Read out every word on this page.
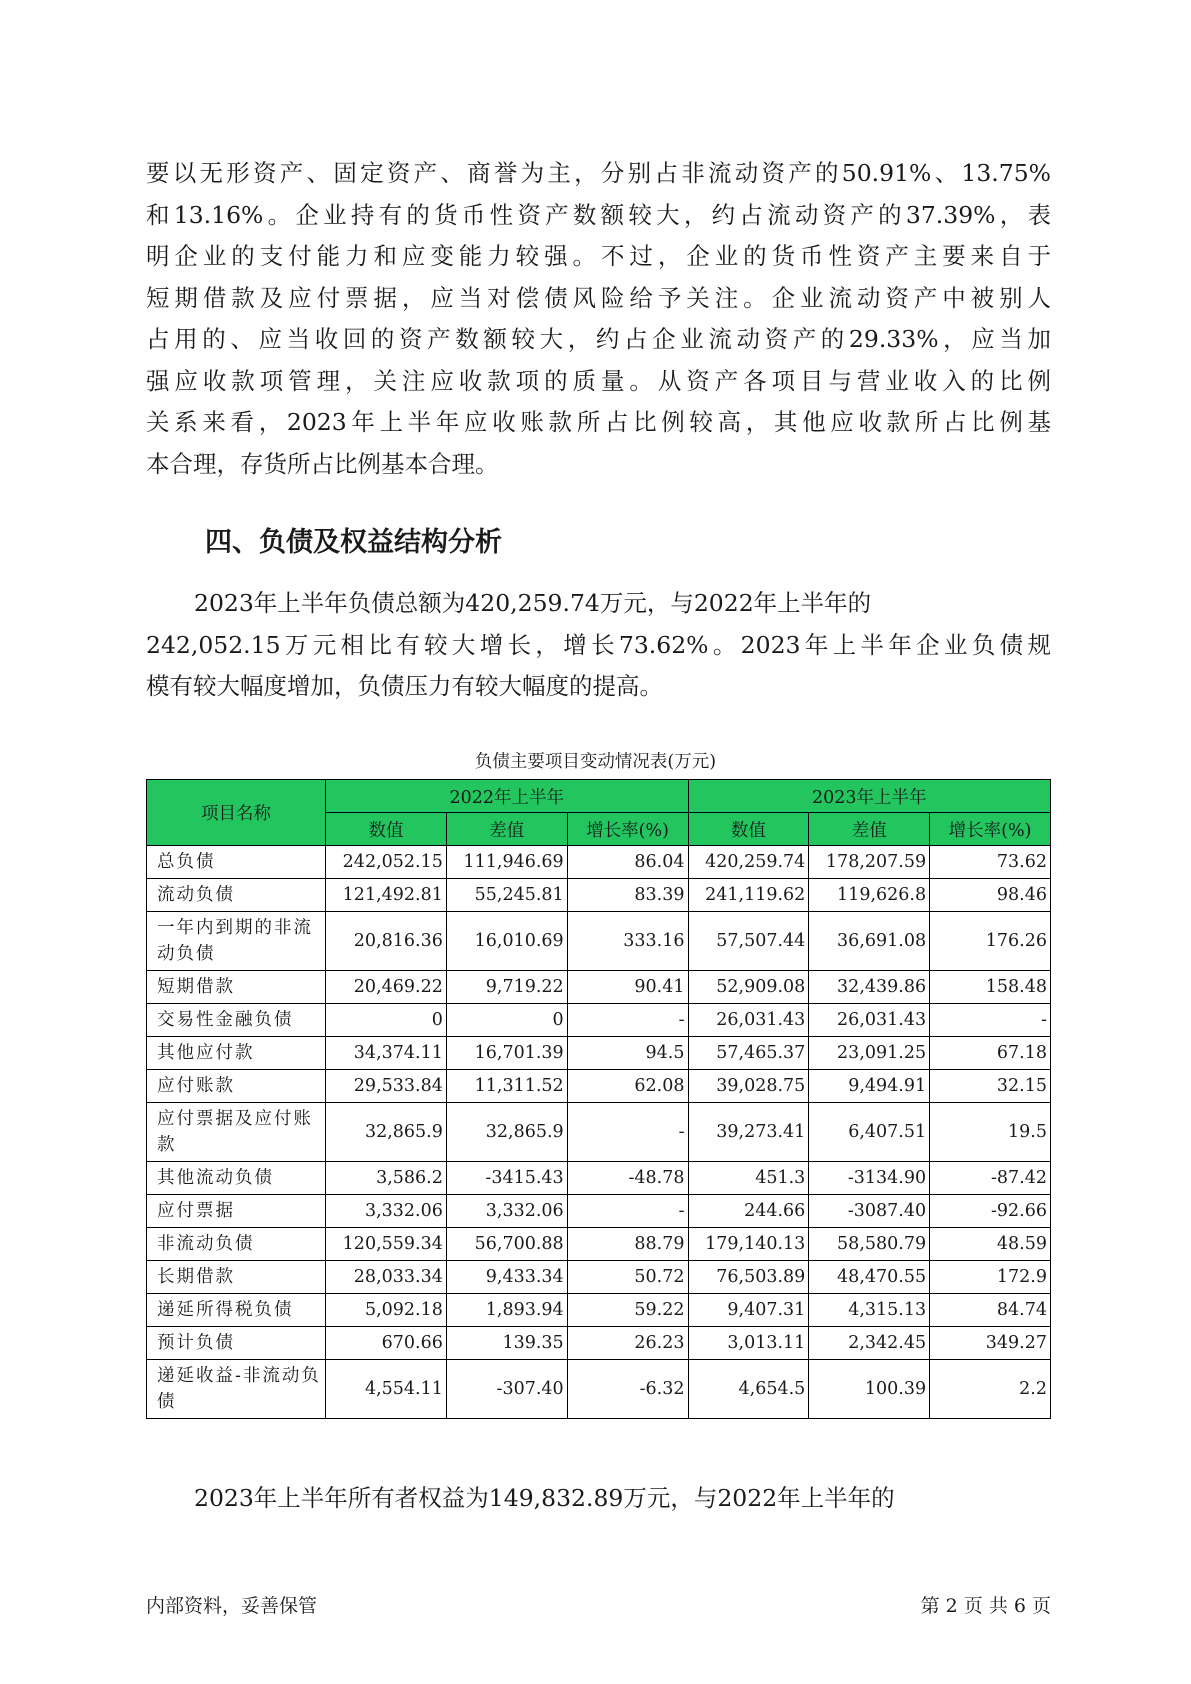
要以无形资产、固定资产、商誉为主，分别占非流动资产的50.91%、13.75%
和13.16%。企业持有的货币性资产数额较大，约占流动资产的37.39%，表
明企业的支付能力和应变能力较强。不过，企业的货币性资产主要来自于
短期借款及应付票据，应当对偿债风险给予关注。企业流动资产中被别人
占用的、应当收回的资产数额较大，约占企业流动资产的29.33%，应当加
强应收款项管理，关注应收款项的质量。从资产各项目与营业收入的比例
关系来看，2023年上半年应收账款所占比例较高，其他应收款所占比例基
本合理，存货所占比例基本合理。
四、负债及权益结构分析
2023年上半年负债总额为420,259.74万元，与2022年上半年的
242,052.15万元相比有较大增长，增长73.62%。2023年上半年企业负债规
模有较大幅度增加，负债压力有较大幅度的提高。

负债主要项目变动情况表(万元)

项目名称	2022年上半年			2023年上半年		
	数值	差值	增长率(%)	数值	差值	增长率(%)
总负债	242,052.15	111,946.69	86.04	420,259.74	178,207.59	73.62
流动负债	121,492.81	55,245.81	83.39	241,119.62	119,626.8	98.46
一年内到期的非流动负债	20,816.36	16,010.69	333.16	57,507.44	36,691.08	176.26
短期借款	20,469.22	9,719.22	90.41	52,909.08	32,439.86	158.48
交易性金融负债	0	0	-	26,031.43	26,031.43	-
其他应付款	34,374.11	16,701.39	94.5	57,465.37	23,091.25	67.18
应付账款	29,533.84	11,311.52	62.08	39,028.75	9,494.91	32.15
应付票据及应付账款	32,865.9	32,865.9	-	39,273.41	6,407.51	19.5
其他流动负债	3,586.2	-3415.43	-48.78	451.3	-3134.90	-87.42
应付票据	3,332.06	3,332.06	-	244.66	-3087.40	-92.66
非流动负债	120,559.34	56,700.88	88.79	179,140.13	58,580.79	48.59
长期借款	28,033.34	9,433.34	50.72	76,503.89	48,470.55	172.9
递延所得税负债	5,092.18	1,893.94	59.22	9,407.31	4,315.13	84.74
预计负债	670.66	139.35	26.23	3,013.11	2,342.45	349.27
递延收益-非流动负债	4,554.11	-307.40	-6.32	4,654.5	100.39	2.2
2023年上半年所有者权益为149,832.89万元，与2022年上半年的

内部资料，妥善保管	第 2 页 共 6 页
